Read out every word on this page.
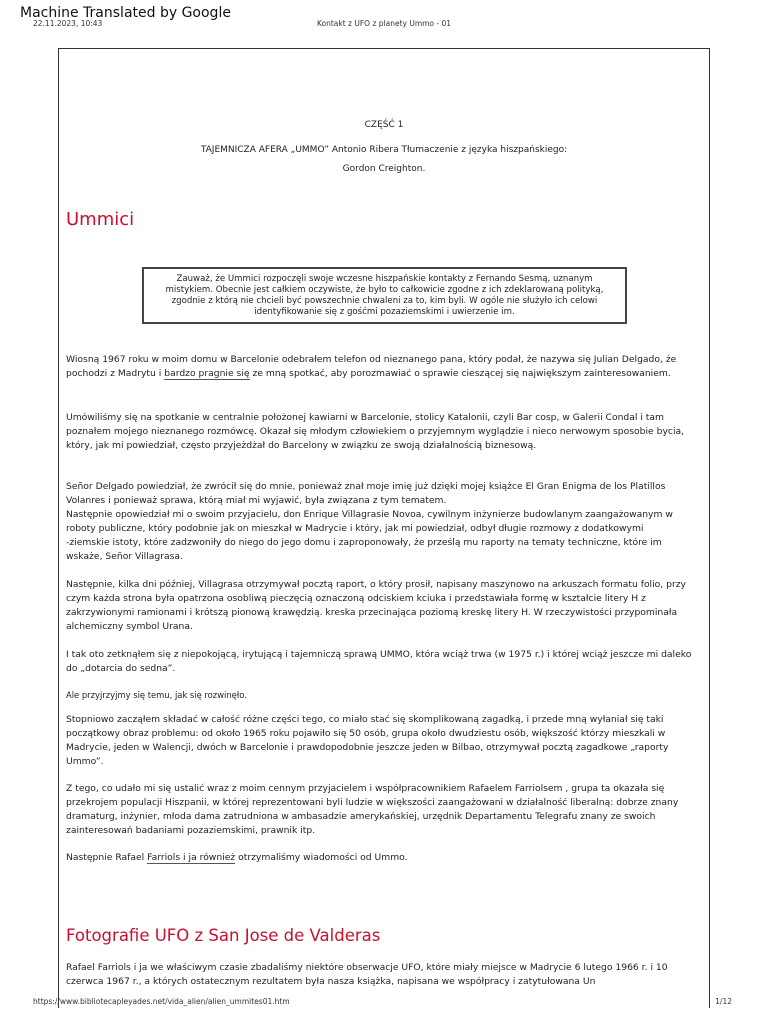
Machine Translated by Google
22.11.2023, 10:43	Kontakt z UFO z planety Ummo - 01
CZĘŚĆ 1
TAJEMNICZA AFERA „UMMO” Antonio Ribera Tłumaczenie z języka hiszpańskiego:
Gordon Creighton.
Ummici
Zauważ, że Ummici rozpoczęli swoje wczesne hiszpańskie kontakty z Fernando Sesmą, uznanym
mistykiem. Obecnie jest całkiem oczywiste, że było to całkowicie zgodne z ich zdeklarowaną polityką,
zgodnie z którą nie chcieli być powszechnie chwaleni za to, kim byli. W ogóle nie służyło ich celowi
identyfikowanie się z gośćmi pozaziemskimi i uwierzenie im.
Wiosną 1967 roku w moim domu w Barcelonie odebrałem telefon od nieznanego pana, który podał, że nazywa się Julian Delgado, że
pochodzi z Madrytu i bardzo pragnie się ze mną spotkać, aby porozmawiać o sprawie cieszącej się największym zainteresowaniem.
Umówiliśmy się na spotkanie w centralnie położonej kawiarni w Barcelonie, stolicy Katalonii, czyli Bar cosp, w Galerii Condal i tam
poznałem mojego nieznanego rozmówcę. Okazał się młodym człowiekiem o przyjemnym wyglądzie i nieco nerwowym sposobie bycia,
który, jak mi powiedział, często przyjeżdżał do Barcelony w związku ze swoją działalnością biznesową.
Señor Delgado powiedział, że zwrócił się do mnie, ponieważ znał moje imię już dzięki mojej książce El Gran Enigma de los Platillos
Volanres i ponieważ sprawa, którą miał mi wyjawić, była związana z tym tematem.
Następnie opowiedział mi o swoim przyjacielu, don Enrique Villagrasie Novoa, cywilnym inżynierze budowlanym zaangażowanym w
roboty publiczne, który podobnie jak on mieszkał w Madrycie i który, jak mi powiedział, odbył długie rozmowy z dodatkowymi
-ziemskie istoty, które zadzwoniły do niego do jego domu i zaproponowały, że prześlą mu raporty na tematy techniczne, które im
wskaże, Señor Villagrasa.
Następnie, kilka dni później, Villagrasa otrzymywał pocztą raport, o który prosił, napisany maszynowo na arkuszach formatu folio, przy
czym każda strona była opatrzona osobliwą pieczęcią oznaczoną odciskiem kciuka i przedstawiała formę w kształcie litery H z
zakrzywionymi ramionami i krótszą pionową krawędzią. kreska przecinająca poziomą kreskę litery H. W rzeczywistości przypominała
alchemiczny symbol Urana.
I tak oto zetknąłem się z niepokojącą, irytującą i tajemniczą sprawą UMMO, która wciąż trwa (w 1975 r.) i której wciąż jeszcze mi daleko
do „dotarcia do sedna”.
Ale przyjrzyjmy się temu, jak się rozwinęło.
Stopniowo zacząłem składać w całość różne części tego, co miało stać się skomplikowaną zagadką, i przede mną wyłaniał się taki
początkowy obraz problemu: od około 1965 roku pojawiło się 50 osób, grupa około dwudziestu osób, większość którzy mieszkali w
Madrycie, jeden w Walencji, dwóch w Barcelonie i prawdopodobnie jeszcze jeden w Bilbao, otrzymywał pocztą zagadkowe „raporty
Ummo”.
Z tego, co udało mi się ustalić wraz z moim cennym przyjacielem i współpracownikiem Rafaelem Farriolsem , grupa ta okazała się
przekrojem populacji Hiszpanii, w której reprezentowani byli ludzie w większości zaangażowani w działalność liberalną: dobrze znany
dramaturg, inżynier, młoda dama zatrudniona w ambasadzie amerykańskiej, urzędnik Departamentu Telegrafu znany ze swoich
zainteresowań badaniami pozaziemskimi, prawnik itp.
Następnie Rafael Farriols i ja również otrzymaliśmy wiadomości od Ummo.
Fotografie UFO z San Jose de Valderas
Rafael Farriols i ja we właściwym czasie zbadaliśmy niektóre obserwacje UFO, które miały miejsce w Madrycie 6 lutego 1966 r. i 10
czerwca 1967 r., a których ostatecznym rezultatem była nasza książka, napisana we współpracy i zatytułowana Un
https://www.bibliotecapleyades.net/vida_alien/alien_ummites01.htm	1/12
